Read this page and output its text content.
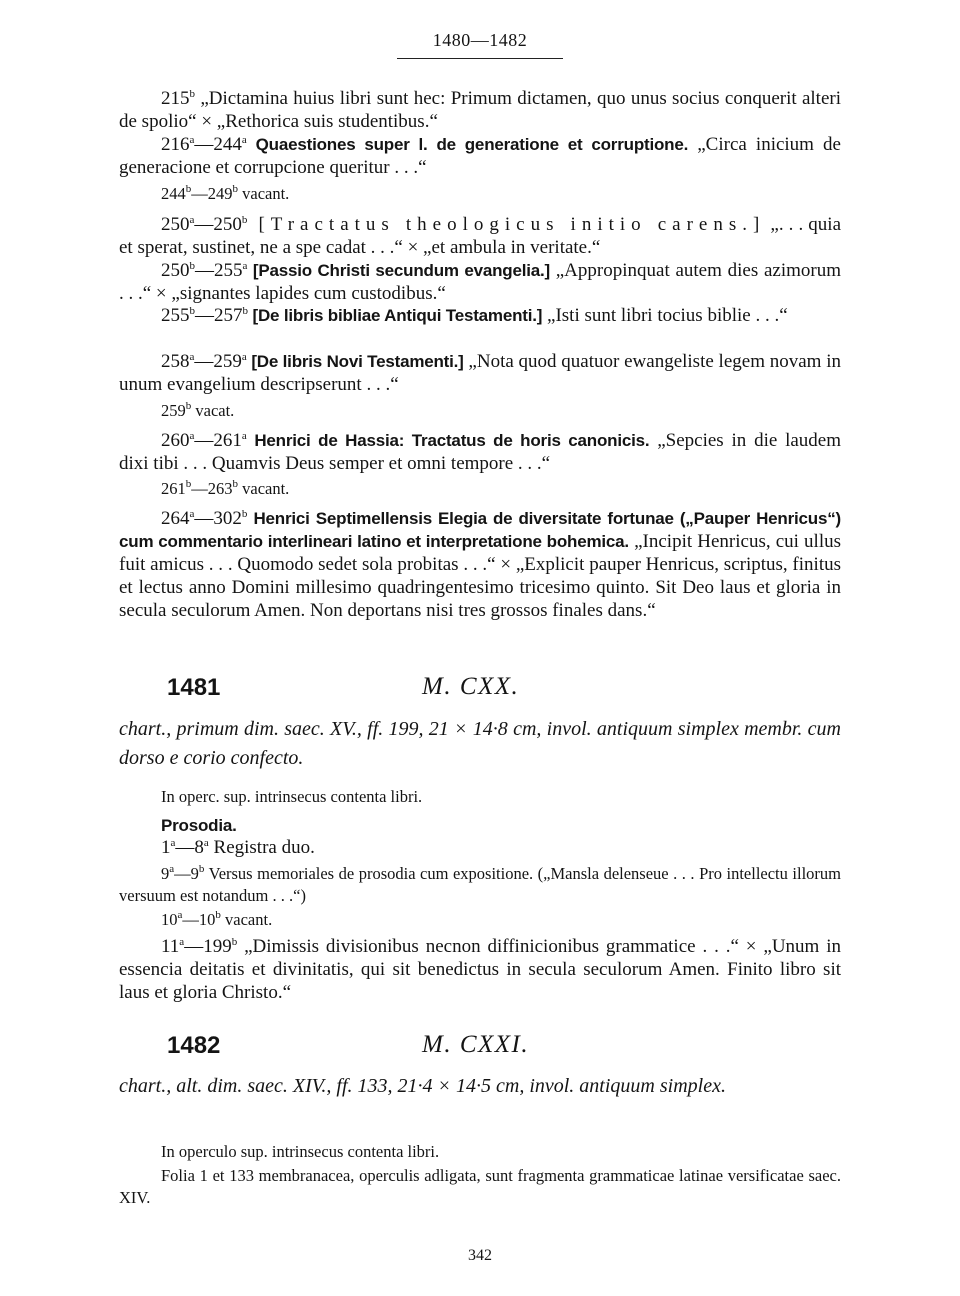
1480—1482
215$^b$ „Dictamina huius libri sunt hec: Primum dictamen, quo unus socius conquerit alteri de spolio“ × „Rethorica suis studentibus.“
216$^a$—244$^a$ Quaestiones super l. de generatione et corruptione. „Circa inicium de generacione et corrupcione queritur . . .“
244$^b$—249$^b$ vacant.
250$^a$—250$^b$ [Tractatus theologicus initio carens.] „. . . quia et sperat, sustinet, ne a spe cadat . . .“ × „et ambula in veritate.“
250$^b$—255$^a$ [Passio Christi secundum evangelia.] „Appropinquat autem dies azimorum . . .“ × „signantes lapides cum custodibus.“
255$^b$—257$^b$ [De libris bibliae Antiqui Testamenti.] „Isti sunt libri tocius biblie . . .“
258$^a$—259$^a$ [De libris Novi Testamenti.] „Nota quod quatuor ewangeliste legem novam in unum evangelium descripserunt . . .“
259$^b$ vacat.
260$^a$—261$^a$ Henrici de Hassia: Tractatus de horis canonicis. „Sepcies in die laudem dixi tibi . . . Quamvis Deus semper et omni tempore . . .“
261$^b$—263$^b$ vacant.
264$^a$—302$^b$ Henrici Septimellensis Elegia de diversitate fortunae („Pauper Henricus“) cum commentario interlineari latino et interpretatione bohemica. „Incipit Henricus, cui ullus fuit amicus . . . Quomodo sedet sola probitas . . .“ × „Explicit pauper Henricus, scriptus, finitus et lectus anno Domini millesimo quadringentesimo tricesimo quinto. Sit Deo laus et gloria in secula seculorum Amen. Non deportans nisi tres grossos finales dans.“
1481	M. CXX.
chart., primum dim. saec. XV., ff. 199, 21 × 14·8 cm, invol. antiquum simplex membr. cum dorso e corio confecto.
In operc. sup. intrinsecus contenta libri.
Prosodia.
1$^a$—8$^a$ Registra duo.
9$^a$—9$^b$ Versus memoriales de prosodia cum expositione. („Mansla delenseue . . . Pro intellectu illorum versuum est notandum . . .“)
10$^a$—10$^b$ vacant.
11$^a$—199$^b$ „Dimissis divisionibus necnon diffinicionibus grammatice . . .“ × „Unum in essencia deitatis et divinitatis, qui sit benedictus in secula seculorum Amen. Finito libro sit laus et gloria Christo.“
1482	M. CXXI.
chart., alt. dim. saec. XIV., ff. 133, 21·4 × 14·5 cm, invol. antiquum simplex.
In operculo sup. intrinsecus contenta libri.
Folia 1 et 133 membranacea, operculis adligata, sunt fragmenta grammaticae latinae versificatae saec. XIV.
342
